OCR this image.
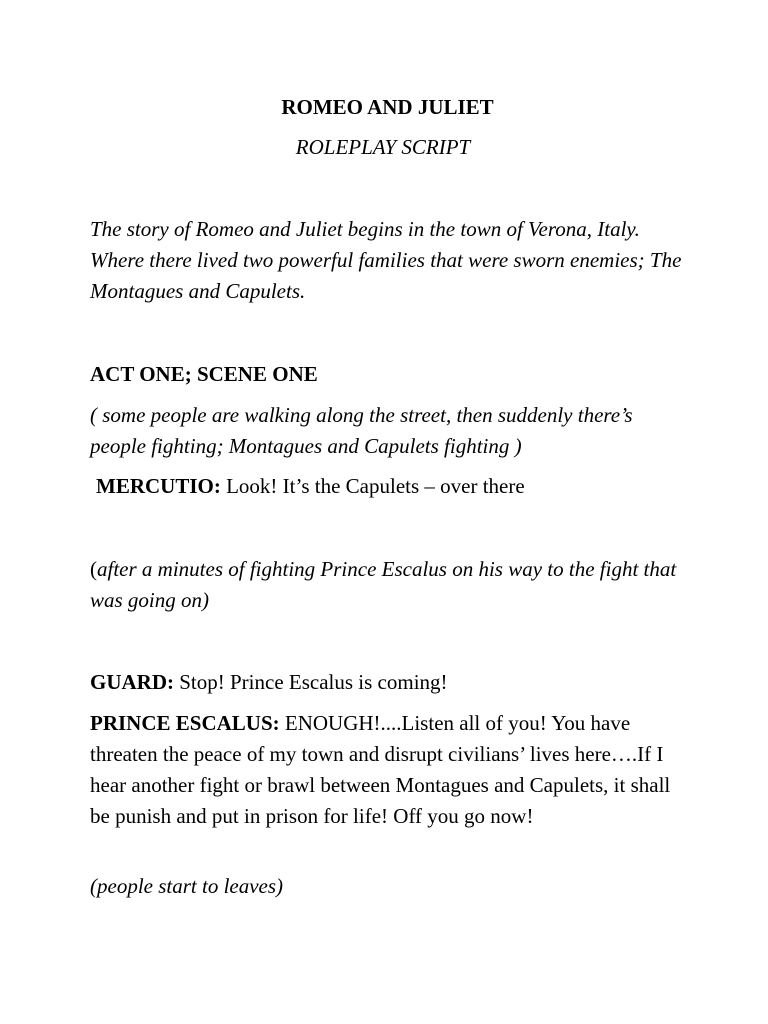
ROMEO AND JULIET
ROLEPLAY SCRIPT

The story of Romeo and Juliet begins in the town of Verona, Italy. Where there lived two powerful families that were sworn enemies; The Montagues and Capulets.

ACT ONE; SCENE ONE

( some people are walking along the street, then suddenly there’s people fighting; Montagues and Capulets fighting )

MERCUTIO: Look! It’s the Capulets – over there

(after a minutes of fighting Prince Escalus on his way to the fight that was going on)

GUARD: Stop! Prince Escalus is coming!

PRINCE ESCALUS: ENOUGH!....Listen all of you! You have threaten the peace of my town and disrupt civilians’ lives here….If I hear another fight or brawl between Montagues and Capulets, it shall be punish and put in prison for life! Off you go now!

(people start to leaves)
